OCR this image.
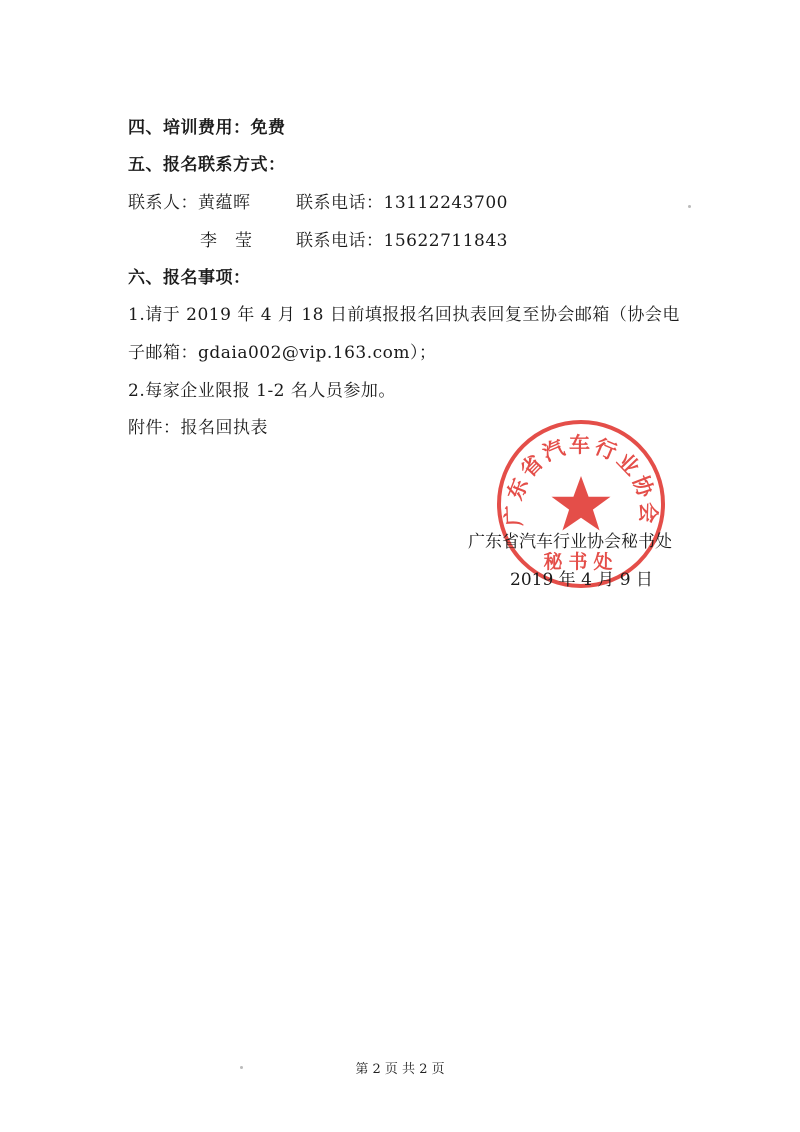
四、培训费用：免费
五、报名联系方式：
联系人：黄蕴晖	联系电话：13112243700
李　莹	联系电话：15622711843
六、报名事项：
1.请于 2019 年 4 月 18 日前填报报名回执表回复至协会邮箱（协会电
子邮箱：gdaia002@vip.163.com）；
2.每家企业限报 1-2 名人员参加。
附件：报名回执表
广东省汽车行业协会
秘书处
广东省汽车行业协会秘书处
2019 年 4 月 9 日
第 2 页 共 2 页
